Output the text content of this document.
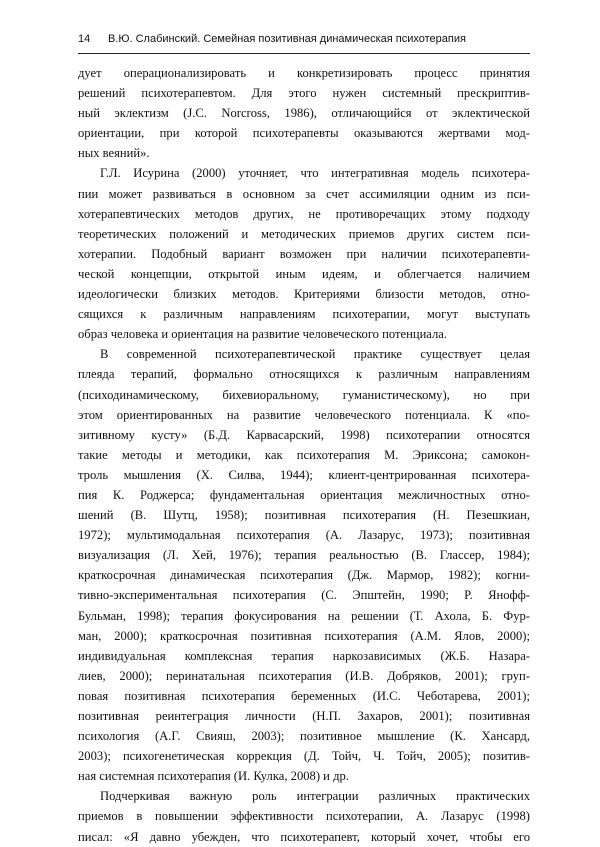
14	В.Ю. Слабинский. Семейная позитивная динамическая психотерапия

дует операционализировать и конкретизировать процесс принятия
решений психотерапевтом. Для этого нужен системный прескриптив-
ный эклектизм (J.C. Norcross, 1986), отличающийся от эклектической
ориентации, при которой психотерапевты оказываются жертвами мод-
ных веяний».

Г.Л. Исурина (2000) уточняет, что интегративная модель психотера-
пии может развиваться в основном за счет ассимиляции одним из пси-
хотерапевтических методов других, не противоречащих этому подходу
теоретических положений и методических приемов других систем пси-
хотерапии. Подобный вариант возможен при наличии психотерапевти-
ческой концепции, открытой иным идеям, и облегчается наличием
идеологически близких методов. Критериями близости методов, отно-
сящихся к различным направлениям психотерапии, могут выступать
образ человека и ориентация на развитие человеческого потенциала.

В современной психотерапевтической практике существует целая
плеяда терапий, формально относящихся к различным направлениям
(психодинамическому, бихевиоральному, гуманистическому), но при
этом ориентированных на развитие человеческого потенциала. К «по-
зитивному кусту» (Б.Д. Карвасарский, 1998) психотерапии относятся
такие методы и методики, как психотерапия М. Эриксона; самокон-
троль мышления (Х. Силва, 1944); клиент-центрированная психотера-
пия К. Роджерса; фундаментальная ориентация межличностных отно-
шений (В. Шутц, 1958); позитивная психотерапия (Н. Пезешкиан,
1972); мультимодальная психотерапия (А. Лазарус, 1973); позитивная
визуализация (Л. Хей, 1976); терапия реальностью (В. Глассер, 1984);
краткосрочная динамическая психотерапия (Дж. Мармор, 1982); когни-
тивно-экспериментальная психотерапия (С. Эпштейн, 1990; Р. Янофф-
Бульман, 1998); терапия фокусирования на решении (Т. Ахола, Б. Фур-
ман, 2000); краткосрочная позитивная психотерапия (А.М. Ялов, 2000);
индивидуальная комплексная терапия наркозависимых (Ж.Б. Назара-
лиев, 2000); перинатальная психотерапия (И.В. Добряков, 2001); груп-
повая позитивная психотерапия беременных (И.С. Чеботарева, 2001);
позитивная реинтеграция личности (Н.П. Захаров, 2001); позитивная
психология (А.Г. Свияш, 2003); позитивное мышление (К. Хансард,
2003); психогенетическая коррекция (Д. Тойч, Ч. Тойч, 2005); позитив-
ная системная психотерапия (И. Кулка, 2008) и др.

Подчеркивая важную роль интеграции различных практических
приемов в повышении эффективности психотерапии, А. Лазарус (1998)
писал: «Я давно убежден, что психотерапевт, который хочет, чтобы его
